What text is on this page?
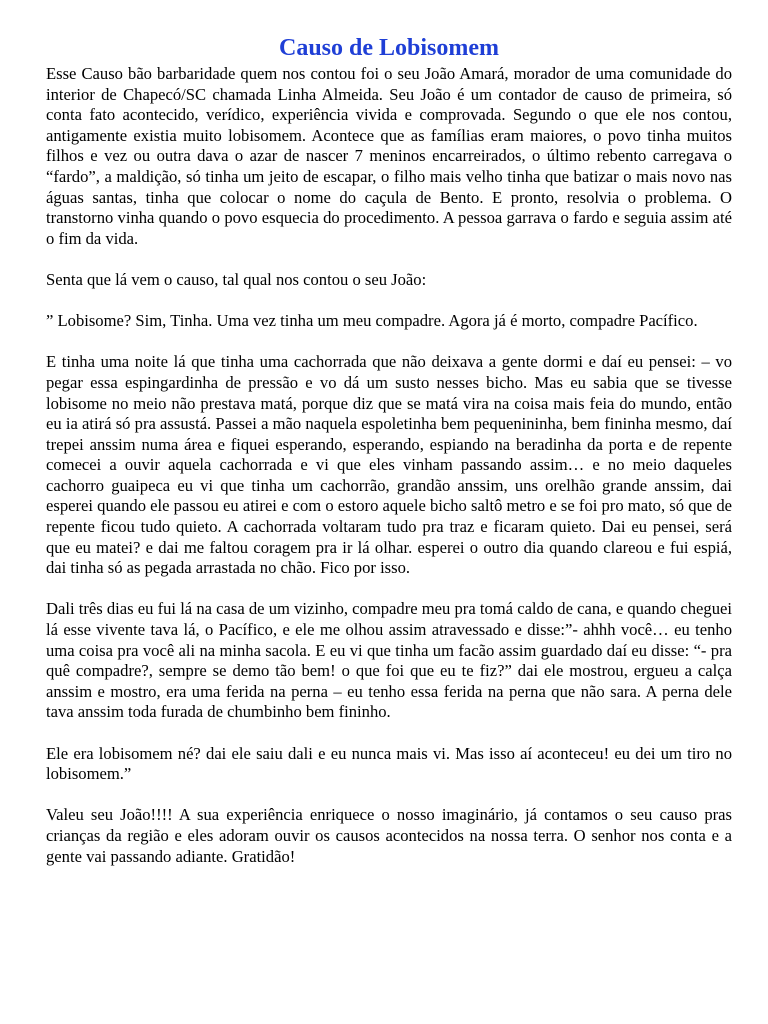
Causo de Lobisomem

Esse Causo bão barbaridade quem nos contou foi o seu João Amará, morador de uma comunidade do interior de Chapecó/SC chamada Linha Almeida. Seu João é um contador de causo de primeira, só conta fato acontecido, verídico, experiência vivida e comprovada. Segundo o que ele nos contou, antigamente existia muito lobisomem. Acontece que as famílias eram maiores, o povo tinha muitos filhos e vez ou outra dava o azar de nascer 7 meninos encarreirados, o último rebento carregava o “fardo”, a maldição, só tinha um jeito de escapar, o filho mais velho tinha que batizar o mais novo nas águas santas, tinha que colocar o nome do caçula de Bento. E pronto, resolvia o problema. O transtorno vinha quando o povo esquecia do procedimento. A pessoa garrava o fardo e seguia assim até o fim da vida.

Senta que lá vem o causo, tal qual nos contou o seu João:

” Lobisome? Sim, Tinha. Uma vez tinha um meu compadre. Agora já é morto, compadre Pacífico.

E tinha uma noite lá que tinha uma cachorrada que não deixava a gente dormi e daí eu pensei: – vo pegar essa espingardinha de pressão e vo dá um susto nesses bicho. Mas eu sabia que se tivesse lobisome no meio não prestava matá, porque diz que se matá vira na coisa mais feia do mundo, então eu ia atirá só pra assustá. Passei a mão naquela espoletinha bem pequenininha, bem fininha mesmo, daí trepei anssim numa área e fiquei esperando, esperando, espiando na beradinha da porta e de repente comecei a ouvir aquela cachorrada e vi que eles vinham passando assim… e no meio daqueles cachorro guaipeca eu vi que tinha um cachorrão, grandão anssim, uns orelhão grande anssim, dai esperei quando ele passou eu atirei e com o estoro aquele bicho saltô metro e se foi pro mato, só que de repente ficou tudo quieto. A cachorrada voltaram tudo pra traz e ficaram quieto. Dai eu pensei, será que eu matei? e dai me faltou coragem pra ir lá olhar. esperei o outro dia quando clareou e fui espiá, dai tinha só as pegada arrastada no chão. Fico por isso.

Dali três dias eu fui lá na casa de um vizinho, compadre meu pra tomá caldo de cana, e quando cheguei lá esse vivente tava lá, o Pacífico, e ele me olhou assim atravessado e disse:”- ahhh você… eu tenho uma coisa pra você ali na minha sacola. E eu vi que tinha um facão assim guardado daí eu disse: “- pra quê compadre?, sempre se demo tão bem! o que foi que eu te fiz?” dai ele mostrou, ergueu a calça anssim e mostro, era uma ferida na perna – eu tenho essa ferida na perna que não sara. A perna dele tava anssim toda furada de chumbinho bem fininho.

Ele era lobisomem né? dai ele saiu dali e eu nunca mais vi. Mas isso aí aconteceu! eu dei um tiro no lobisomem.”

Valeu seu João!!!! A sua experiência enriquece o nosso imaginário, já contamos o seu causo pras crianças da região e eles adoram ouvir os causos acontecidos na nossa terra. O senhor nos conta e a gente vai passando adiante. Gratidão!
